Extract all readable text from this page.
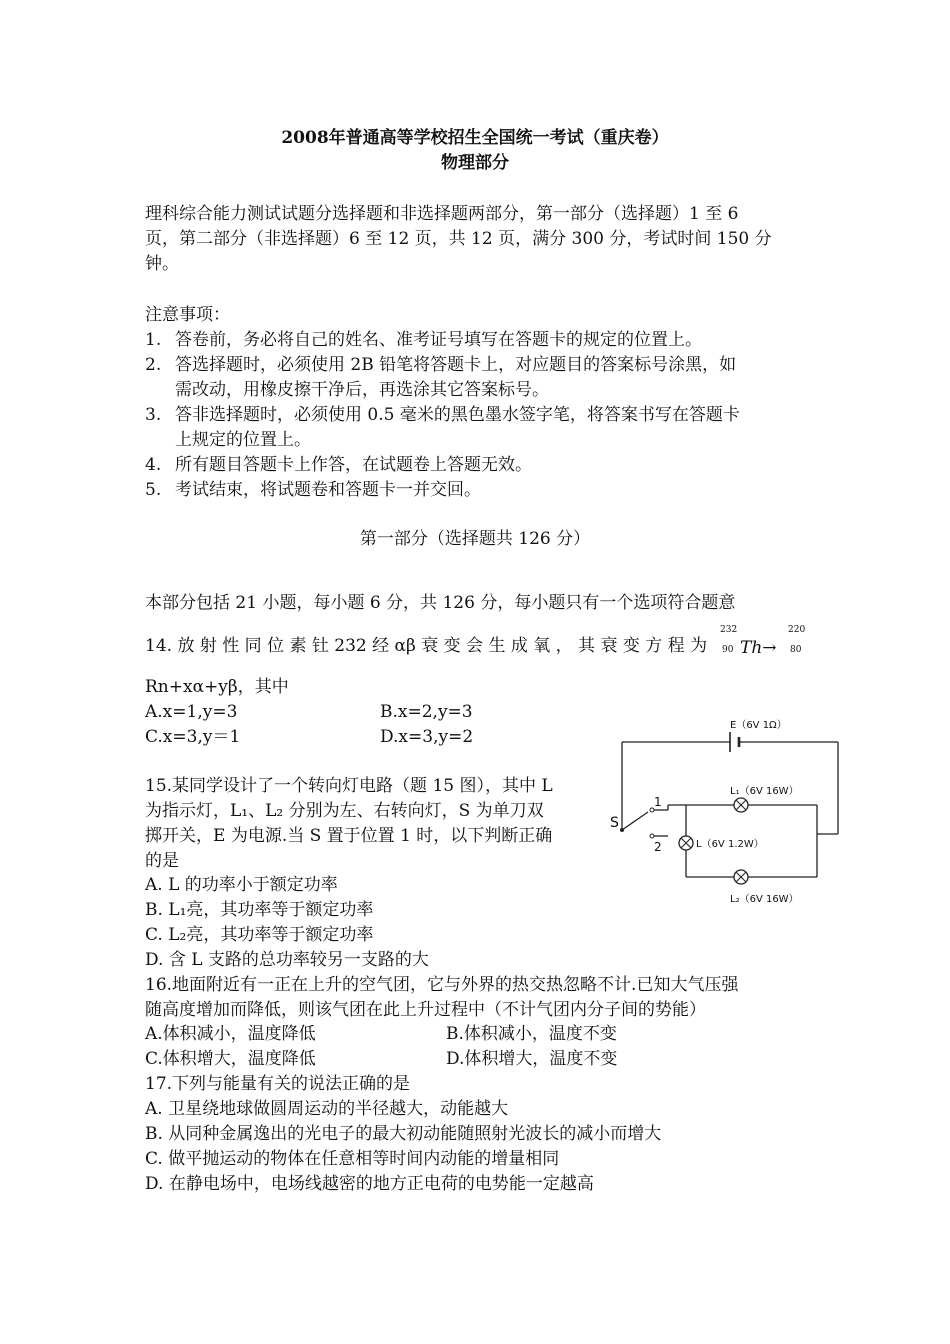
2008年普通高等学校招生全国统一考试（重庆卷）
物理部分
理科综合能力测试试题分选择题和非选择题两部分，第一部分（选择题）1 至 6
页，第二部分（非选择题）6 至 12 页，共 12 页，满分 300 分，考试时间 150 分
钟。
注意事项：
1. 答卷前，务必将自己的姓名、准考证号填写在答题卡的规定的位置上。
2. 答选择题时，必须使用 2B 铅笔将答题卡上，对应题目的答案标号涂黑，如
需改动，用橡皮擦干净后，再选涂其它答案标号。
3. 答非选择题时，必须使用 0.5 毫米的黑色墨水签字笔，将答案书写在答题卡
上规定的位置上。
4. 所有题目答题卡上作答，在试题卷上答题无效。
5. 考试结束，将试题卷和答题卡一并交回。
第一部分（选择题共 126 分）
本部分包括 21 小题，每小题 6 分，共 126 分，每小题只有一个选项符合题意
14. 放 射 性 同 位 素 钍 232 经 αβ 衰 变 会 生 成 氧 ， 其 衰 变 方 程 为
232
90 Th→
220
80
Rn+xα+yβ，其中
A.x=1,y=3	B.x=2,y=3
C.x=3,y＝1	D.x=3,y=2
15.某同学设计了一个转向灯电路（题 15 图），其中 L
为指示灯，L₁、L₂ 分别为左、右转向灯，S 为单刀双
掷开关，E 为电源.当 S 置于位置 1 时，以下判断正确
的是
A. L 的功率小于额定功率
B. L₁亮，其功率等于额定功率
C. L₂亮，其功率等于额定功率
D. 含 L 支路的总功率较另一支路的大
E（6V 1Ω）
L₁（6V 16W）
L（6V 1.2W）
L₂（6V 16W）
S
1
2
16.地面附近有一正在上升的空气团，它与外界的热交热忽略不计.已知大气压强
随高度增加而降低，则该气团在此上升过程中（不计气团内分子间的势能）
A.体积减小，温度降低	B.体积减小，温度不变
C.体积增大，温度降低	D.体积增大，温度不变
17.下列与能量有关的说法正确的是
A. 卫星绕地球做圆周运动的半径越大，动能越大
B. 从同种金属逸出的光电子的最大初动能随照射光波长的减小而增大
C. 做平抛运动的物体在任意相等时间内动能的增量相同
D. 在静电场中，电场线越密的地方正电荷的电势能一定越高
